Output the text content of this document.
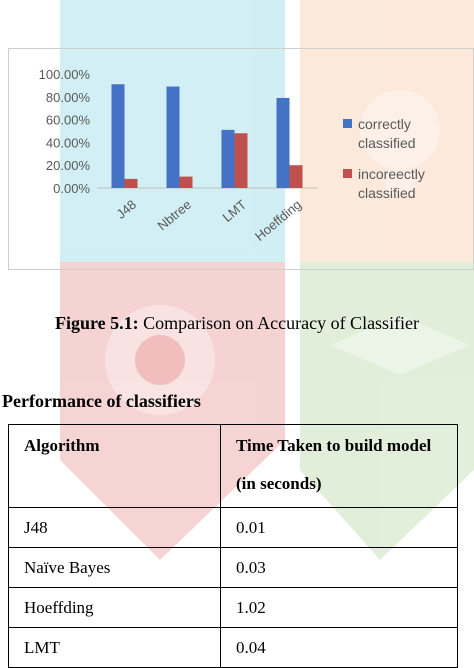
100.00%
80.00%
60.00%
40.00%
20.00%
0.00%
J48 Nbtree LMT Hoeffding
correctly
classified
incoreectly
classified
Figure 5.1: Comparison on Accuracy of Classifier
Performance of classifiers
Algorithm	Time Taken to build model (in seconds)
J48	0.01
Naïve Bayes	0.03
Hoeffding	1.02
LMT	0.04
